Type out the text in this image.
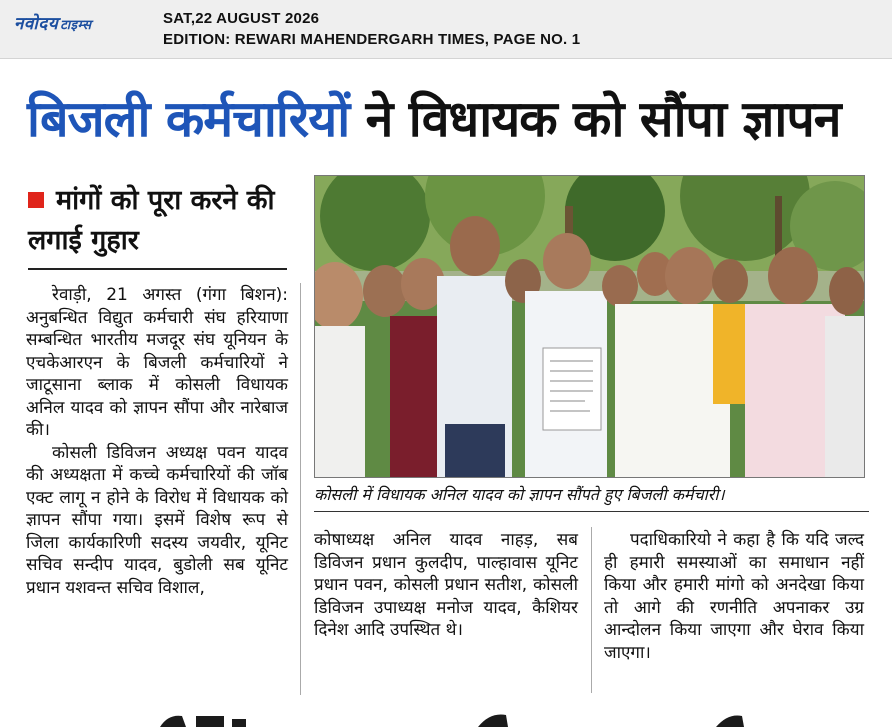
नवोदय टाइम्स	SAT,22 AUGUST 2026
EDITION: REWARI MAHENDERGARH TIMES, PAGE NO. 1
बिजली कर्मचारियों ने विधायक को सौंपा ज्ञापन
मांगों को पूरा करने की लगाई गुहार

रेवाड़ी, 21 अगस्त (गंगा बिशन): अनुबन्धित विद्युत कर्मचारी संघ हरियाणा सम्बन्धित भारतीय मजदूर संघ यूनियन के एचकेआरएन के बिजली कर्मचारियों ने जाटूसाना ब्लाक में कोसली विधायक अनिल यादव को ज्ञापन सौंपा और नारेबाज की।

कोसली डिविजन अध्यक्ष पवन यादव की अध्यक्षता में कच्चे कर्मचारियों की जॉब एक्ट लागू न होने के विरोध में विधायक को ज्ञापन सौंपा गया। इसमें विशेष रूप से जिला कार्यकारिणी सदस्य जयवीर, यूनिट सचिव सन्दीप यादव, बुडोली सब यूनिट प्रधान यशवन्त सचिव विशाल,

कोसली में विधायक अनिल यादव को ज्ञापन सौंपते हुए बिजली कर्मचारी।

कोषाध्यक्ष अनिल यादव नाहड़, सब डिविजन प्रधान कुलदीप, पाल्हावास यूनिट प्रधान पवन, कोसली प्रधान सतीश, कोसली डिविजन उपाध्यक्ष मनोज यादव, कैशियर दिनेश आदि उपस्थित थे।

पदाधिकारियो ने कहा है कि यदि जल्द ही हमारी समस्याओं का समाधान नहीं किया और हमारी मांगो को अनदेखा किया तो आगे की रणनीति अपनाकर उग्र आन्दोलन किया जाएगा और घेराव किया जाएगा।
